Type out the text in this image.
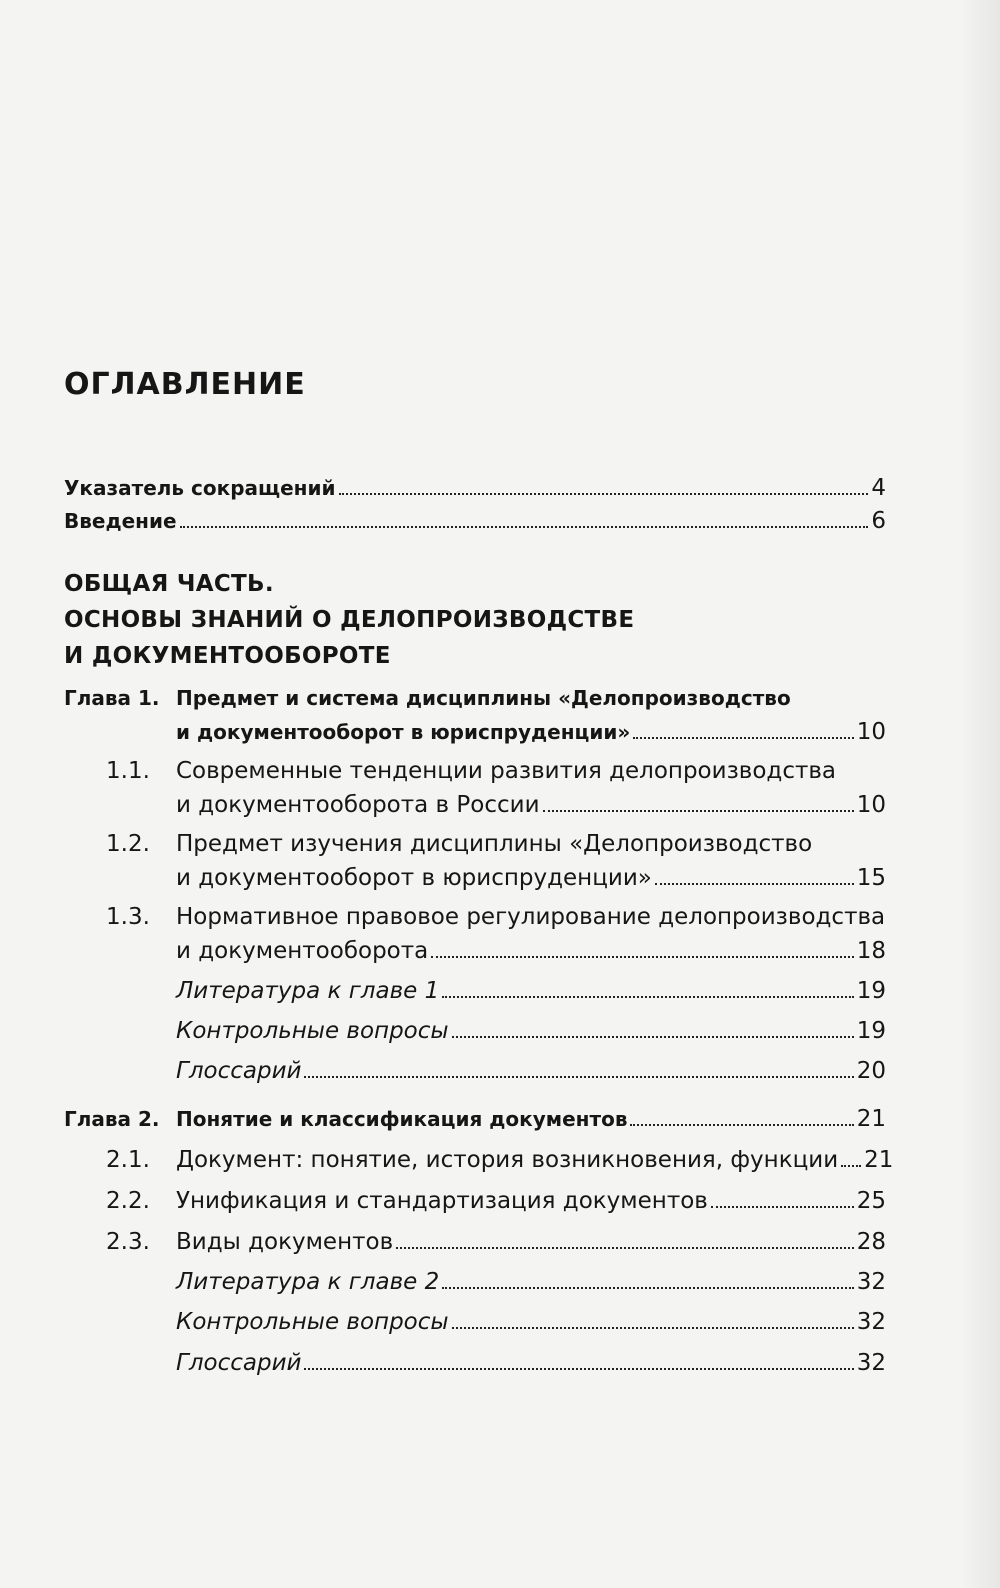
ОГЛАВЛЕНИЕ
Указатель сокращений	4
Введение	6
ОБЩАЯ ЧАСТЬ.
ОСНОВЫ ЗНАНИЙ О ДЕЛОПРОИЗВОДСТВЕ
И ДОКУМЕНТООБОРОТЕ
Глава 1. Предмет и система дисциплины «Делопроизводство
и документооборот в юриспруденции»	10
1.1. Современные тенденции развития делопроизводства
и документооборота в России	10
1.2. Предмет изучения дисциплины «Делопроизводство
и документооборот в юриспруденции»	15
1.3. Нормативное правовое регулирование делопроизводства
и документооборота	18
Литература к главе 1	19
Контрольные вопросы	19
Глоссарий	20
Глава 2. Понятие и классификация документов	21
2.1. Документ: понятие, история возникновения, функции 21
2.2. Унификация и стандартизация документов	25
2.3. Виды документов	28
Литература к главе 2	32
Контрольные вопросы	32
Глоссарий	32
